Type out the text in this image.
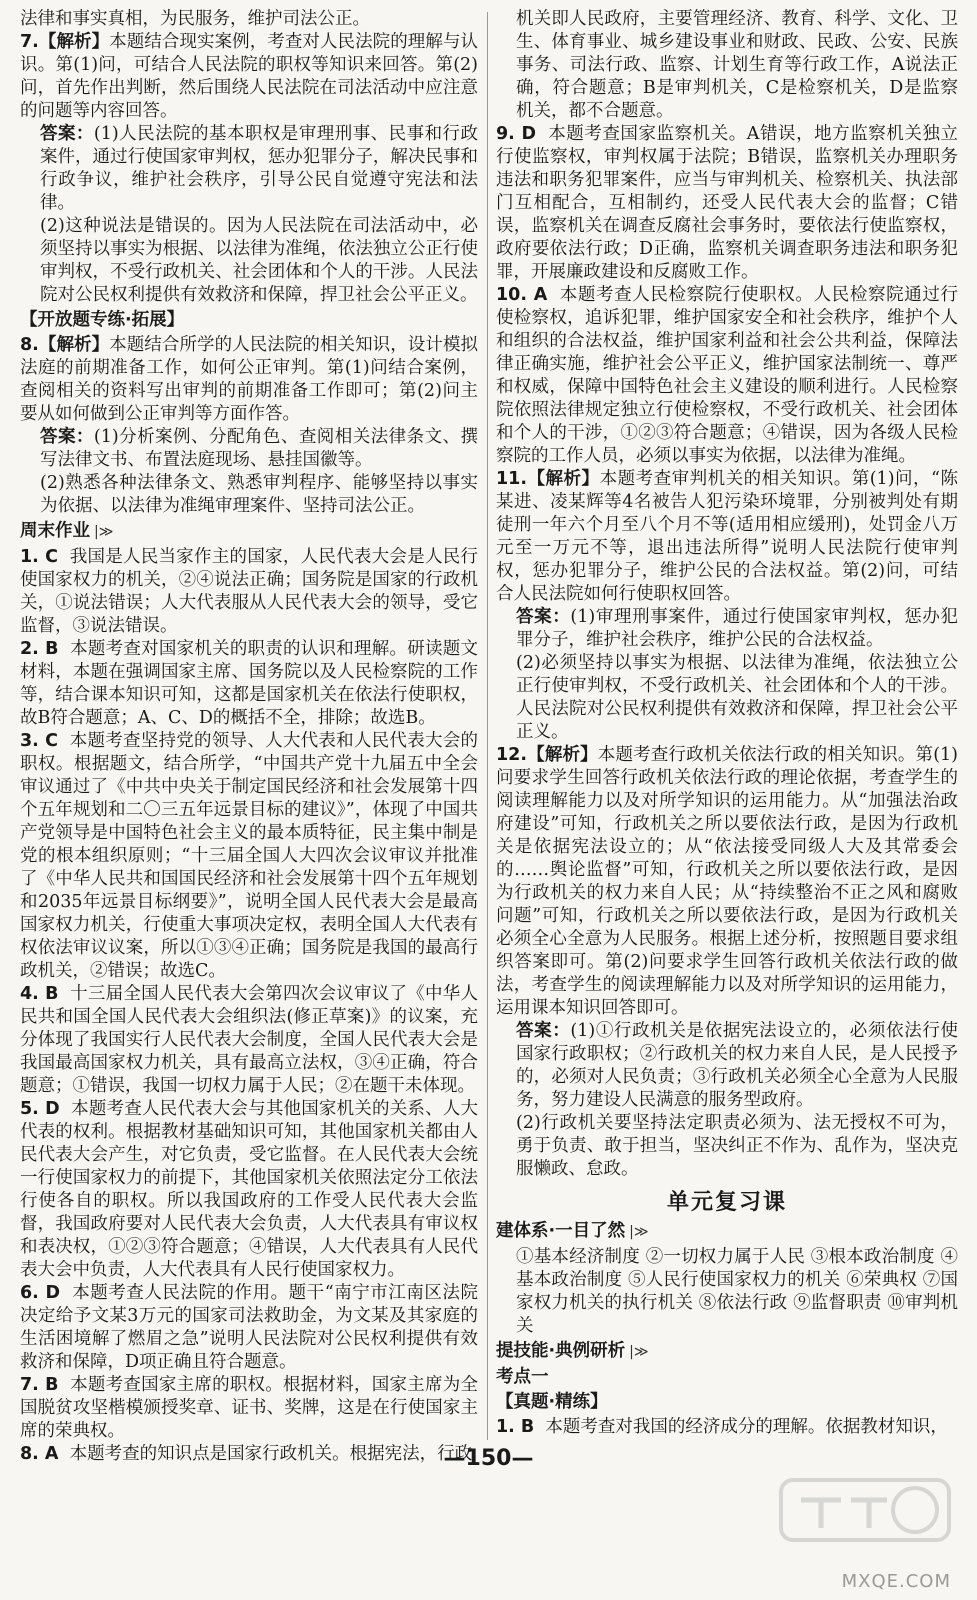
法律和事实真相，为民服务，维护司法公正。

7.【解析】本题结合现实案例，考查对人民法院的理解与认识。第(1)问，可结合人民法院的职权等知识来回答。第(2)问，首先作出判断，然后围绕人民法院在司法活动中应注意的问题等内容回答。

答案：(1)人民法院的基本职权是审理刑事、民事和行政案件，通过行使国家审判权，惩办犯罪分子，解决民事和行政争议，维护社会秩序，引导公民自觉遵守宪法和法律。

(2)这种说法是错误的。因为人民法院在司法活动中，必须坚持以事实为根据、以法律为准绳，依法独立公正行使审判权，不受行政机关、社会团体和个人的干涉。人民法院对公民权利提供有效救济和保障，捍卫社会公平正义。

【开放题专练·拓展】

8.【解析】本题结合所学的人民法院的相关知识，设计模拟法庭的前期准备工作，如何公正审判。第(1)问结合案例，查阅相关的资料写出审判的前期准备工作即可；第(2)问主要从如何做到公正审判等方面作答。

答案：(1)分析案例、分配角色、查阅相关法律条文、撰写法律文书、布置法庭现场、悬挂国徽等。

(2)熟悉各种法律条文、熟悉审判程序、能够坚持以事实为依据、以法律为准绳审理案件、坚持司法公正。

周末作业 |≫

1. C 我国是人民当家作主的国家，人民代表大会是人民行使国家权力的机关，②④说法正确；国务院是国家的行政机关，①说法错误；人大代表服从人民代表大会的领导，受它监督，③说法错误。

2. B 本题考查对国家机关的职责的认识和理解。研读题文材料，本题在强调国家主席、国务院以及人民检察院的工作等，结合课本知识可知，这都是国家机关在依法行使职权，故B符合题意；A、C、D的概括不全，排除；故选B。

3. C 本题考查坚持党的领导、人大代表和人民代表大会的职权。根据题文，结合所学，“中国共产党十九届五中全会审议通过了《中共中央关于制定国民经济和社会发展第十四个五年规划和二〇三五年远景目标的建议》”，体现了中国共产党领导是中国特色社会主义的最本质特征，民主集中制是党的根本组织原则；“十三届全国人大四次会议审议并批准了《中华人民共和国国民经济和社会发展第十四个五年规划和2035年远景目标纲要》”，说明全国人民代表大会是最高国家权力机关，行使重大事项决定权，表明全国人大代表有权依法审议议案，所以①③④正确；国务院是我国的最高行政机关，②错误；故选C。

4. B 十三届全国人民代表大会第四次会议审议了《中华人民共和国全国人民代表大会组织法(修正草案)》的议案，充分体现了我国实行人民代表大会制度，全国人民代表大会是我国最高国家权力机关，具有最高立法权，③④正确，符合题意；①错误，我国一切权力属于人民；②在题干未体现。

5. D 本题考查人民代表大会与其他国家机关的关系、人大代表的权利。根据教材基础知识可知，其他国家机关都由人民代表大会产生，对它负责，受它监督。在人民代表大会统一行使国家权力的前提下，其他国家机关依照法定分工依法行使各自的职权。所以我国政府的工作受人民代表大会监督，我国政府要对人民代表大会负责，人大代表具有审议权和表决权，①②③符合题意；④错误，人大代表具有人民代表大会中负责，人大代表具有人民行使国家权力。

6. D 本题考查人民法院的作用。题干“南宁市江南区法院决定给予文某3万元的国家司法救助金，为文某及其家庭的生活困境解了燃眉之急”说明人民法院对公民权利提供有效救济和保障，D项正确且符合题意。

7. B 本题考查国家主席的职权。根据材料，国家主席为全国脱贫攻坚楷模颁授奖章、证书、奖牌，这是在行使国家主席的荣典权。

8. A 本题考查的知识点是国家行政机关。根据宪法，行政

机关即人民政府，主要管理经济、教育、科学、文化、卫生、体育事业、城乡建设事业和财政、民政、公安、民族事务、司法行政、监察、计划生育等行政工作，A说法正确，符合题意；B是审判机关，C是检察机关，D是监察机关，都不合题意。

9. D 本题考查国家监察机关。A错误，地方监察机关独立行使监察权，审判权属于法院；B错误，监察机关办理职务违法和职务犯罪案件，应当与审判机关、检察机关、执法部门互相配合，互相制约，还受人民代表大会的监督；C错误，监察机关在调查反腐社会事务时，要依法行使监察权，政府要依法行政；D正确，监察机关调查职务违法和职务犯罪，开展廉政建设和反腐败工作。

10. A 本题考查人民检察院行使职权。人民检察院通过行使检察权，追诉犯罪，维护国家安全和社会秩序，维护个人和组织的合法权益，维护国家利益和社会公共利益，保障法律正确实施，维护社会公平正义，维护国家法制统一、尊严和权威，保障中国特色社会主义建设的顺利进行。人民检察院依照法律规定独立行使检察权，不受行政机关、社会团体和个人的干涉，①②③符合题意；④错误，因为各级人民检察院的工作人员，必须以事实为依据，以法律为准绳。

11.【解析】本题考查审判机关的相关知识。第(1)问，“陈某进、凌某辉等4名被告人犯污染环境罪，分别被判处有期徒刑一年六个月至八个月不等(适用相应缓刑)，处罚金八万元至一万元不等，退出违法所得”说明人民法院行使审判权，惩办犯罪分子，维护公民的合法权益。第(2)问，可结合人民法院如何行使职权回答。

答案：(1)审理刑事案件，通过行使国家审判权，惩办犯罪分子，维护社会秩序，维护公民的合法权益。

(2)必须坚持以事实为根据、以法律为准绳，依法独立公正行使审判权，不受行政机关、社会团体和个人的干涉。人民法院对公民权利提供有效救济和保障，捍卫社会公平正义。

12.【解析】本题考查行政机关依法行政的相关知识。第(1)问要求学生回答行政机关依法行政的理论依据，考查学生的阅读理解能力以及对所学知识的运用能力。从“加强法治政府建设”可知，行政机关之所以要依法行政，是因为行政机关是依据宪法设立的；从“依法接受同级人大及其常委会的……舆论监督”可知，行政机关之所以要依法行政，是因为行政机关的权力来自人民；从“持续整治不正之风和腐败问题”可知，行政机关之所以要依法行政，是因为行政机关必须全心全意为人民服务。根据上述分析，按照题目要求组织答案即可。第(2)问要求学生回答行政机关依法行政的做法，考查学生的阅读理解能力以及对所学知识的运用能力，运用课本知识回答即可。

答案：(1)①行政机关是依据宪法设立的，必须依法行使国家行政职权；②行政机关的权力来自人民，是人民授予的，必须对人民负责；③行政机关必须全心全意为人民服务，努力建设人民满意的服务型政府。

(2)行政机关要坚持法定职责必须为、法无授权不可为，勇于负责、敢于担当，坚决纠正不作为、乱作为，坚决克服懒政、怠政。

单元复习课

建体系·一目了然 |≫

①基本经济制度 ②一切权力属于人民 ③根本政治制度 ④基本政治制度 ⑤人民行使国家权力的机关 ⑥荣典权 ⑦国家权力机关的执行机关 ⑧依法行政 ⑨监督职责 ⑩审判机关

提技能·典例研析 |≫

考点一

【真题·精练】

1. B 本题考查对我国的经济成分的理解。依据教材知识，

—150—
MXQE.COM
